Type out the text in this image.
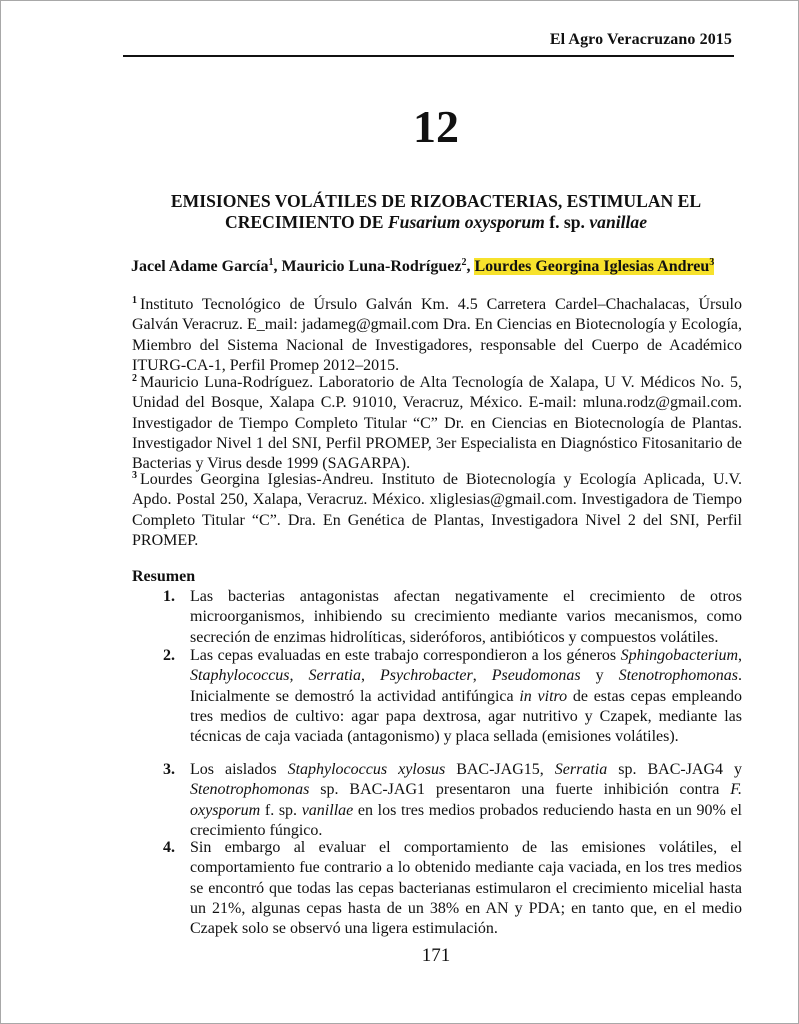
El Agro Veracruzano 2015
12
EMISIONES VOLÁTILES DE RIZOBACTERIAS, ESTIMULAN EL
CRECIMIENTO DE Fusarium oxysporum f. sp. vanillae
Jacel Adame García$^1$, Mauricio Luna-Rodríguez$^2$, Lourdes Georgina Iglesias Andreu$^3$
$^1$ Instituto Tecnológico de Úrsulo Galván Km. 4.5 Carretera Cardel–Chachalacas, Úrsulo Galván Veracruz. E_mail: jadameg@gmail.com Dra. En Ciencias en Biotecnología y Ecología, Miembro del Sistema Nacional de Investigadores, responsable del Cuerpo de Académico ITURG-CA-1, Perfil Promep 2012–2015.
$^2$ Mauricio Luna-Rodríguez. Laboratorio de Alta Tecnología de Xalapa, U V. Médicos No. 5, Unidad del Bosque, Xalapa C.P. 91010, Veracruz, México. E-mail: mluna.rodz@gmail.com. Investigador de Tiempo Completo Titular “C” Dr. en Ciencias en Biotecnología de Plantas. Investigador Nivel 1 del SNI, Perfil PROMEP, 3er Especialista en Diagnóstico Fitosanitario de Bacterias y Virus desde 1999 (SAGARPA).
$^3$ Lourdes Georgina Iglesias-Andreu. Instituto de Biotecnología y Ecología Aplicada, U.V. Apdo. Postal 250, Xalapa, Veracruz. México. xliglesias@gmail.com. Investigadora de Tiempo Completo Titular “C”. Dra. En Genética de Plantas, Investigadora Nivel 2 del SNI, Perfil PROMEP.
Resumen
1. Las bacterias antagonistas afectan negativamente el crecimiento de otros microorganismos, inhibiendo su crecimiento mediante varios mecanismos, como secreción de enzimas hidrolíticas, sideróforos, antibióticos y compuestos volátiles.
2. Las cepas evaluadas en este trabajo correspondieron a los géneros Sphingobacterium, Staphylococcus, Serratia, Psychrobacter, Pseudomonas y Stenotrophomonas. Inicialmente se demostró la actividad antifúngica in vitro de estas cepas empleando tres medios de cultivo: agar papa dextrosa, agar nutritivo y Czapek, mediante las técnicas de caja vaciada (antagonismo) y placa sellada (emisiones volátiles).
3. Los aislados Staphylococcus xylosus BAC-JAG15, Serratia sp. BAC-JAG4 y Stenotrophomonas sp. BAC-JAG1 presentaron una fuerte inhibición contra F. oxysporum f. sp. vanillae en los tres medios probados reduciendo hasta en un 90% el crecimiento fúngico.
4. Sin embargo al evaluar el comportamiento de las emisiones volátiles, el comportamiento fue contrario a lo obtenido mediante caja vaciada, en los tres medios se encontró que todas las cepas bacterianas estimularon el crecimiento micelial hasta un 21%, algunas cepas hasta de un 38% en AN y PDA; en tanto que, en el medio Czapek solo se observó una ligera estimulación.
171
